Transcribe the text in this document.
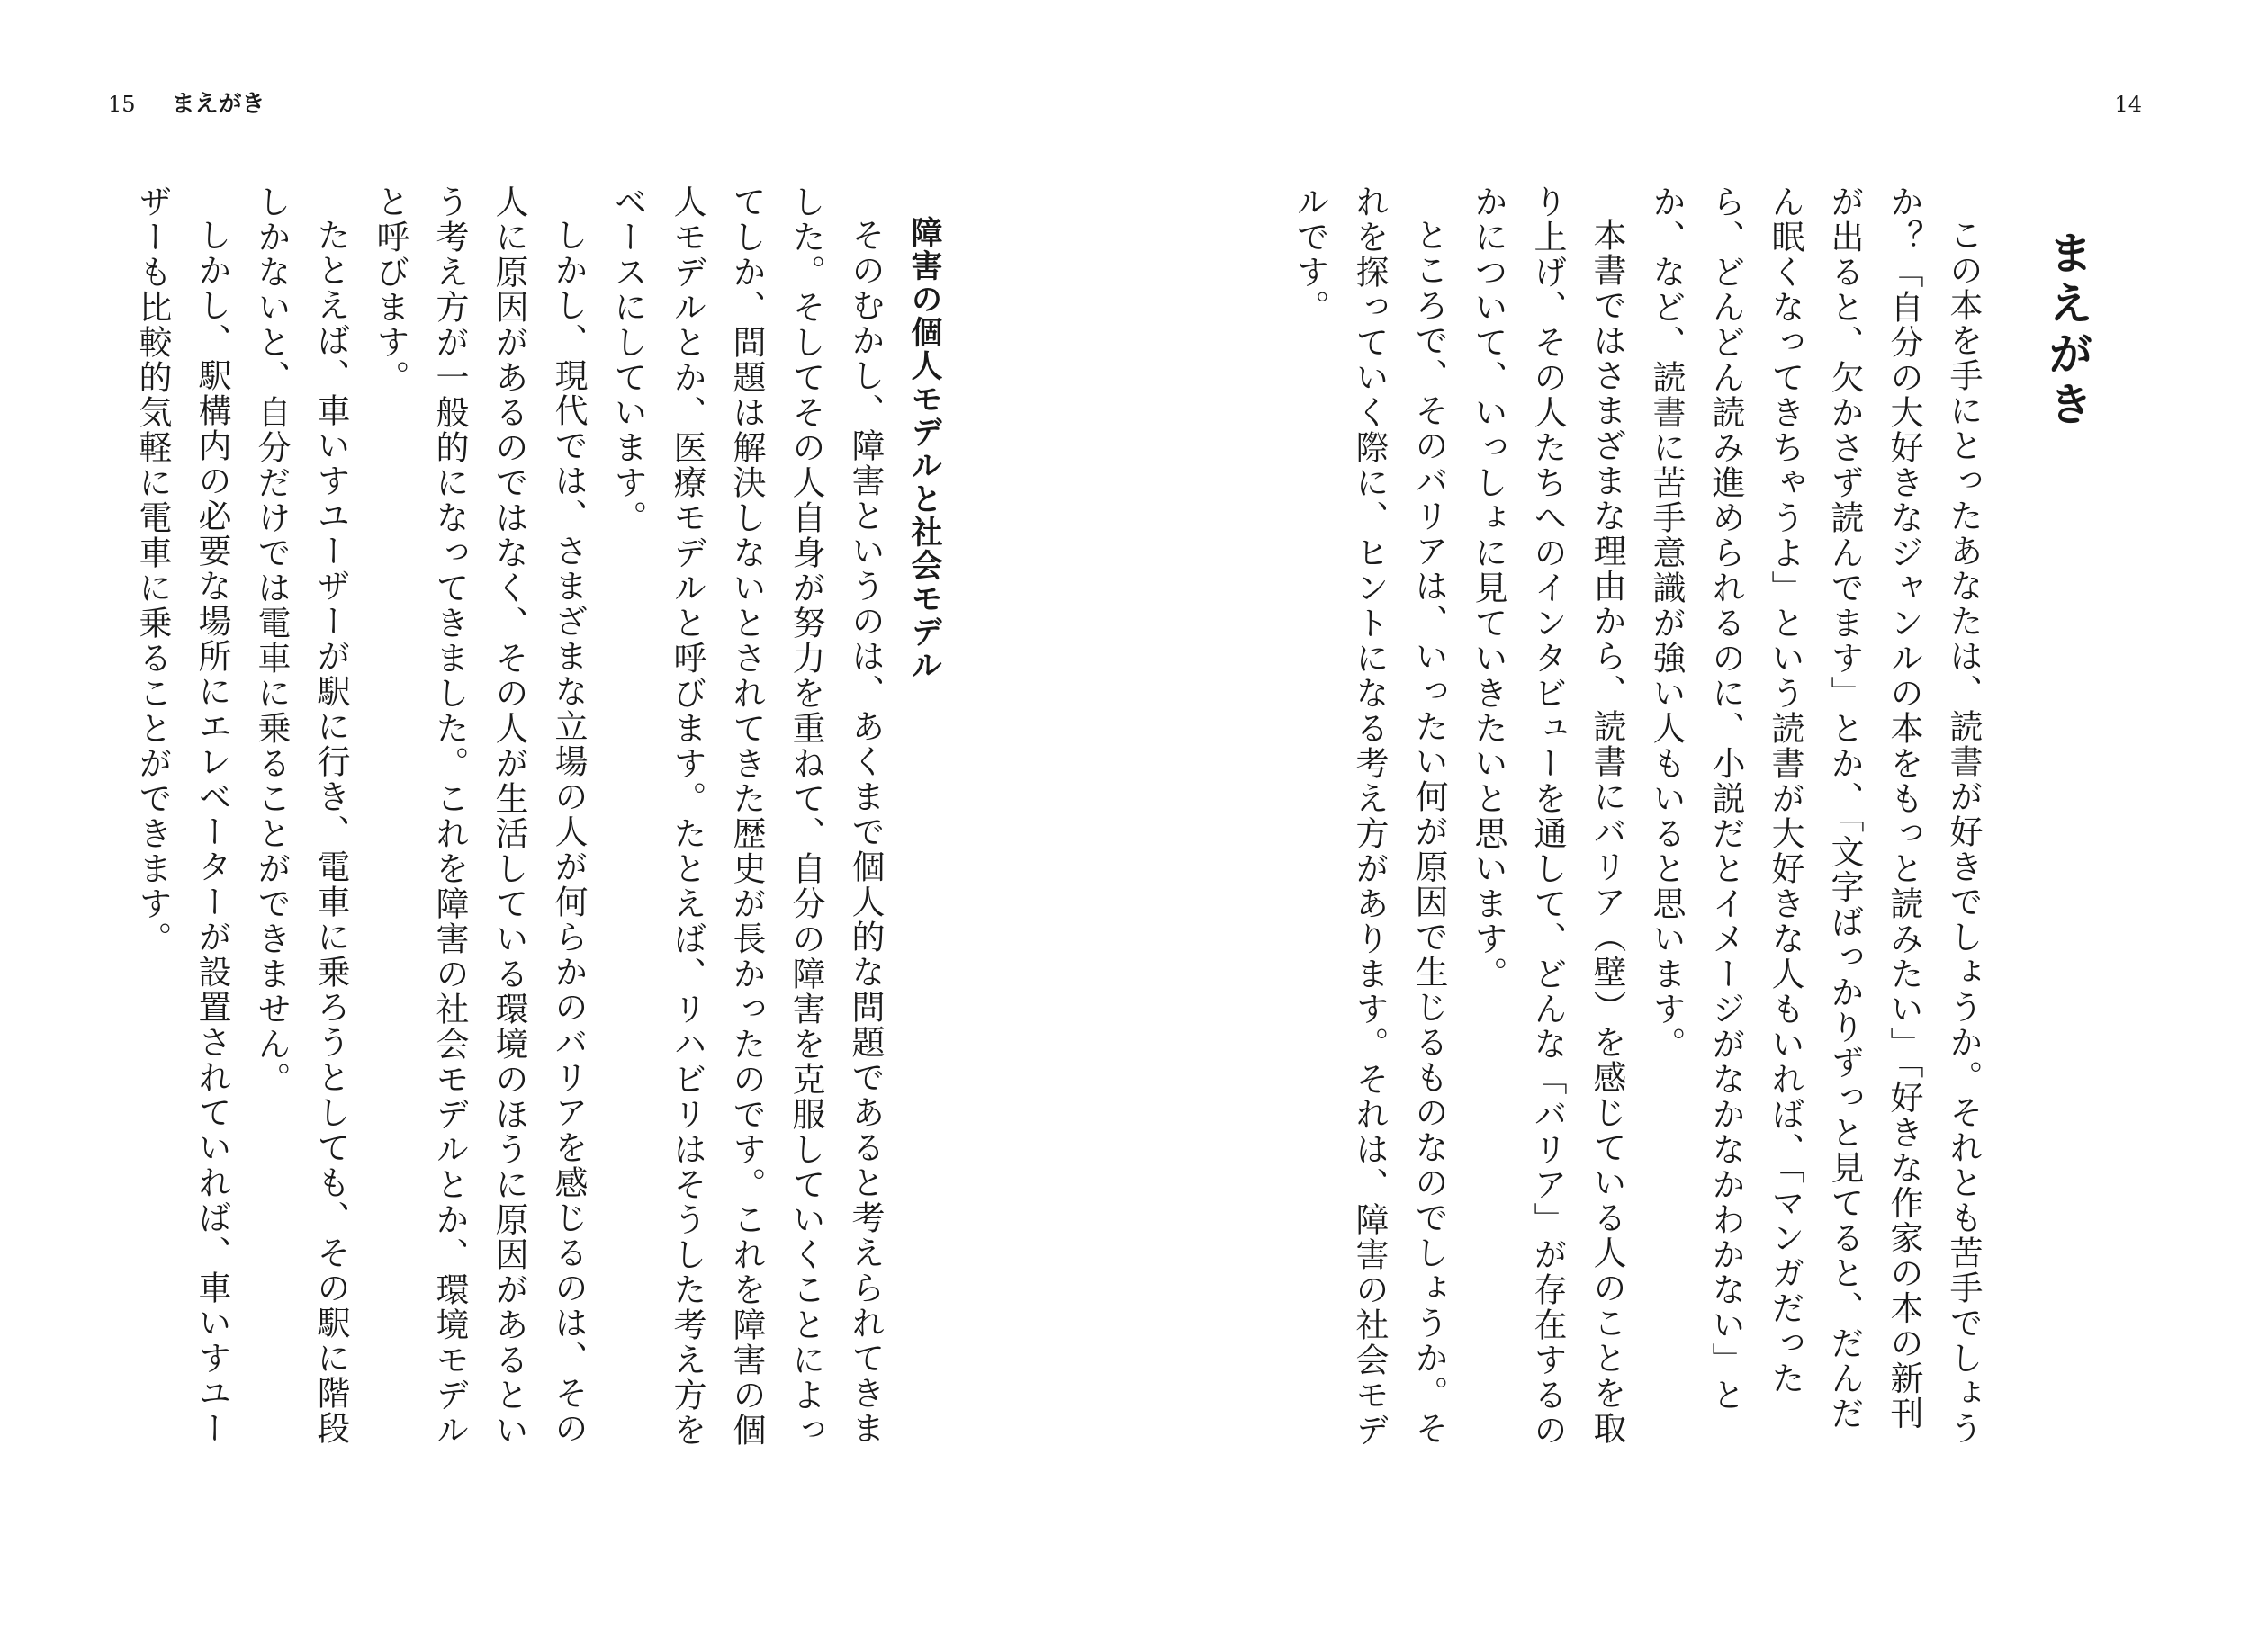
15 まえがき	14

まえがき

この本を手にとったあなたは、読書が好きでしょうか。それとも苦手でしょうか？「自分の大好きなジャンルの本をもっと読みたい」「好きな作家の本の新刊が出ると、欠かさず読んでます」とか、「文字ばっかりずっと見てると、だんだん眠くなってきちゃうよ」という読書が大好きな人もいれば、「マンガだったら、どんどん読み進められるのに、小説だとイメージがなかなかわかない」とか、など、読書に苦手意識が強い人もいると思います。

本書ではさまざまな理由から、読書にバリア（壁）を感じている人のことを取り上げ、その人たちへのインタビューを通して、どんな「バリア」が存在するのかについて、いっしょに見ていきたいと思います。

ところで、そのバリアは、いったい何が原因で生じるものなのでしょうか。それを探っていく際に、ヒントになる考え方があります。それは、障害の社会モデルです。

障害の個人モデルと社会モデル

そのむかし、障害というのは、あくまで個人的な問題であると考えられてきました。そしてその人自身が努力を重ねて、自分の障害を克服していくことによってしか、問題は解決しないとされてきた歴史が長かったのです。これを障害の個人モデルとか、医療モデルと呼びます。たとえば、リハビリはそうした考え方をベースにしています。

しかし、現代では、さまざまな立場の人が何らかのバリアを感じるのは、その人に原因があるのではなく、その人が生活している環境のほうに原因があるという考え方が一般的になってきました。これを障害の社会モデルとか、環境モデルと呼びます。

たとえば、車いすユーザーが駅に行き、電車に乗ろうとしても、その駅に階段しかないと、自分だけでは電車に乗ることができません。

しかし、駅構内の必要な場所にエレベーターが設置されていれば、車いすユーザーも比較的気軽に電車に乗ることができます。
